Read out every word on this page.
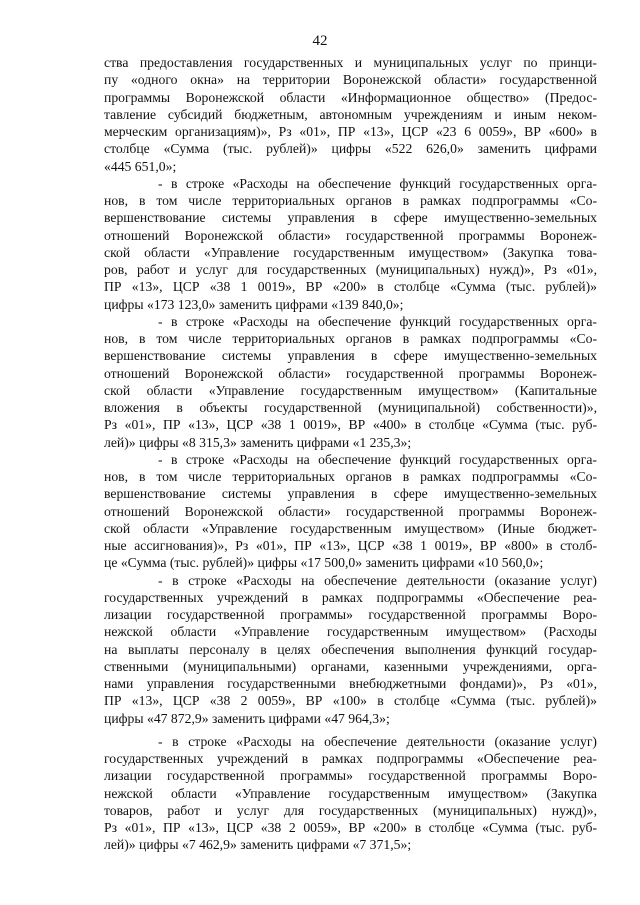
42
ства предоставления государственных и муниципальных услуг по принци-
пу «одного окна» на территории Воронежской области» государственной
программы Воронежской области «Информационное общество» (Предос-
тавление субсидий бюджетным, автономным учреждениям и иным неком-
мерческим организациям)», Рз «01», ПР «13», ЦСР «23 6 0059», ВР «600» в
столбце «Сумма (тыс. рублей)» цифры «522 626,0» заменить цифрами
«445 651,0»;
- в строке «Расходы на обеспечение функций государственных орга-
нов, в том числе территориальных органов в рамках подпрограммы «Со-
вершенствование системы управления в сфере имущественно-земельных
отношений Воронежской области» государственной программы Воронеж-
ской области «Управление государственным имуществом» (Закупка това-
ров, работ и услуг для государственных (муниципальных) нужд)», Рз «01»,
ПР «13», ЦСР «38 1 0019», ВР «200» в столбце «Сумма (тыс. рублей)»
цифры «173 123,0» заменить цифрами «139 840,0»;
- в строке «Расходы на обеспечение функций государственных орга-
нов, в том числе территориальных органов в рамках подпрограммы «Со-
вершенствование системы управления в сфере имущественно-земельных
отношений Воронежской области» государственной программы Воронеж-
ской области «Управление государственным имуществом» (Капитальные
вложения в объекты государственной (муниципальной) собственности)»,
Рз «01», ПР «13», ЦСР «38 1 0019», ВР «400» в столбце «Сумма (тыс. руб-
лей)» цифры «8 315,3» заменить цифрами «1 235,3»;
- в строке «Расходы на обеспечение функций государственных орга-
нов, в том числе территориальных органов в рамках подпрограммы «Со-
вершенствование системы управления в сфере имущественно-земельных
отношений Воронежской области» государственной программы Воронеж-
ской области «Управление государственным имуществом» (Иные бюджет-
ные ассигнования)», Рз «01», ПР «13», ЦСР «38 1 0019», ВР «800» в столб-
це «Сумма (тыс. рублей)» цифры «17 500,0» заменить цифрами «10 560,0»;
- в строке «Расходы на обеспечение деятельности (оказание услуг)
государственных учреждений в рамках подпрограммы «Обеспечение реа-
лизации государственной программы» государственной программы Воро-
нежской области «Управление государственным имуществом» (Расходы
на выплаты персоналу в целях обеспечения выполнения функций государ-
ственными (муниципальными) органами, казенными учреждениями, орга-
нами управления государственными внебюджетными фондами)», Рз «01»,
ПР «13», ЦСР «38 2 0059», ВР «100» в столбце «Сумма (тыс. рублей)»
цифры «47 872,9» заменить цифрами «47 964,3»;
- в строке «Расходы на обеспечение деятельности (оказание услуг)
государственных учреждений в рамках подпрограммы «Обеспечение реа-
лизации государственной программы» государственной программы Воро-
нежской области «Управление государственным имуществом» (Закупка
товаров, работ и услуг для государственных (муниципальных) нужд)»,
Рз «01», ПР «13», ЦСР «38 2 0059», ВР «200» в столбце «Сумма (тыс. руб-
лей)» цифры «7 462,9» заменить цифрами «7 371,5»;
